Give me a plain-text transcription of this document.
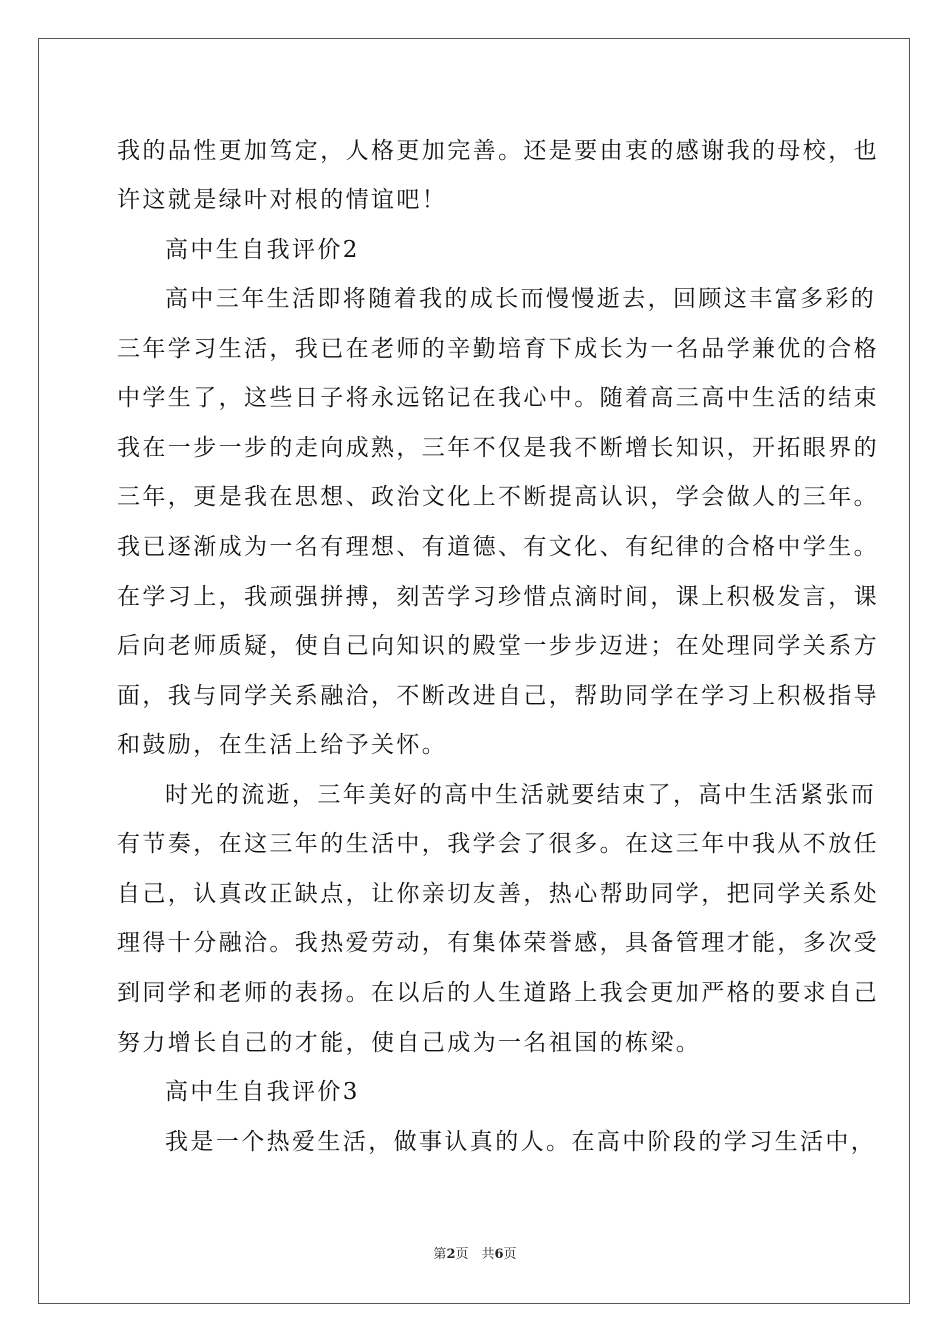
我的品性更加笃定，人格更加完善。还是要由衷的感谢我的母校，也
许这就是绿叶对根的情谊吧！
高中生自我评价2
高中三年生活即将随着我的成长而慢慢逝去，回顾这丰富多彩的
三年学习生活，我已在老师的辛勤培育下成长为一名品学兼优的合格
中学生了，这些日子将永远铭记在我心中。随着高三高中生活的结束
我在一步一步的走向成熟，三年不仅是我不断增长知识，开拓眼界的
三年，更是我在思想、政治文化上不断提高认识，学会做人的三年。
我已逐渐成为一名有理想、有道德、有文化、有纪律的合格中学生。
在学习上，我顽强拼搏，刻苦学习珍惜点滴时间，课上积极发言，课
后向老师质疑，使自己向知识的殿堂一步步迈进；在处理同学关系方
面，我与同学关系融洽，不断改进自己，帮助同学在学习上积极指导
和鼓励，在生活上给予关怀。
时光的流逝，三年美好的高中生活就要结束了，高中生活紧张而
有节奏，在这三年的生活中，我学会了很多。在这三年中我从不放任
自己，认真改正缺点，让你亲切友善，热心帮助同学，把同学关系处
理得十分融洽。我热爱劳动，有集体荣誉感，具备管理才能，多次受
到同学和老师的表扬。在以后的人生道路上我会更加严格的要求自己
努力增长自己的才能，使自己成为一名祖国的栋梁。
高中生自我评价3
我是一个热爱生活，做事认真的人。在高中阶段的学习生活中，
第2页　共6页
